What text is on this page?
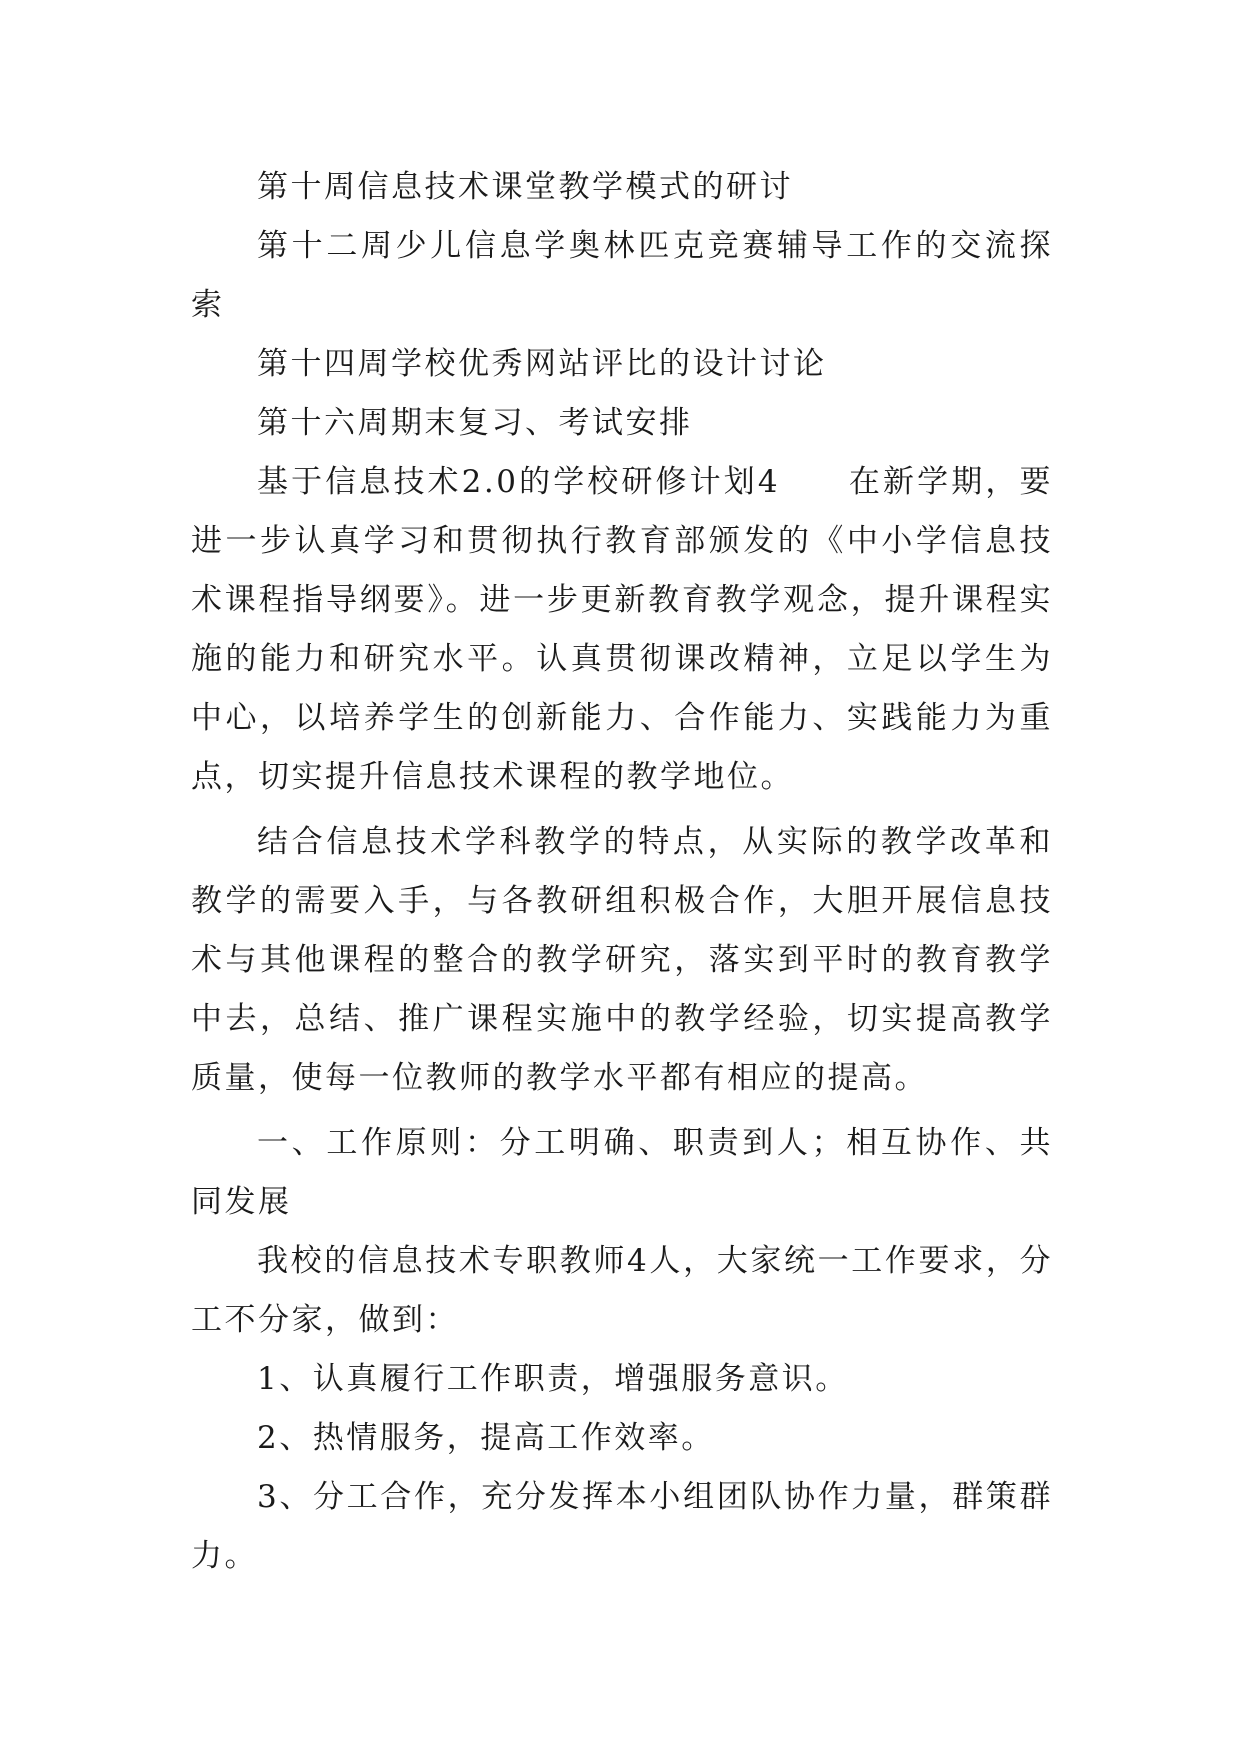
第十周信息技术课堂教学模式的研讨

第十二周少儿信息学奥林匹克竞赛辅导工作的交流探索

第十四周学校优秀网站评比的设计讨论

第十六周期末复习、考试安排

基于信息技术2.0的学校研修计划4　　在新学期，要进一步认真学习和贯彻执行教育部颁发的《中小学信息技术课程指导纲要》。进一步更新教育教学观念，提升课程实施的能力和研究水平。认真贯彻课改精神，立足以学生为中心，以培养学生的创新能力、合作能力、实践能力为重点，切实提升信息技术课程的教学地位。

结合信息技术学科教学的特点，从实际的教学改革和教学的需要入手，与各教研组积极合作，大胆开展信息技术与其他课程的整合的教学研究，落实到平时的教育教学中去，总结、推广课程实施中的教学经验，切实提高教学质量，使每一位教师的教学水平都有相应的提高。

一、工作原则：分工明确、职责到人；相互协作、共同发展

我校的信息技术专职教师4人，大家统一工作要求，分工不分家，做到：

1、认真履行工作职责，增强服务意识。

2、热情服务，提高工作效率。

3、分工合作，充分发挥本小组团队协作力量，群策群力。
